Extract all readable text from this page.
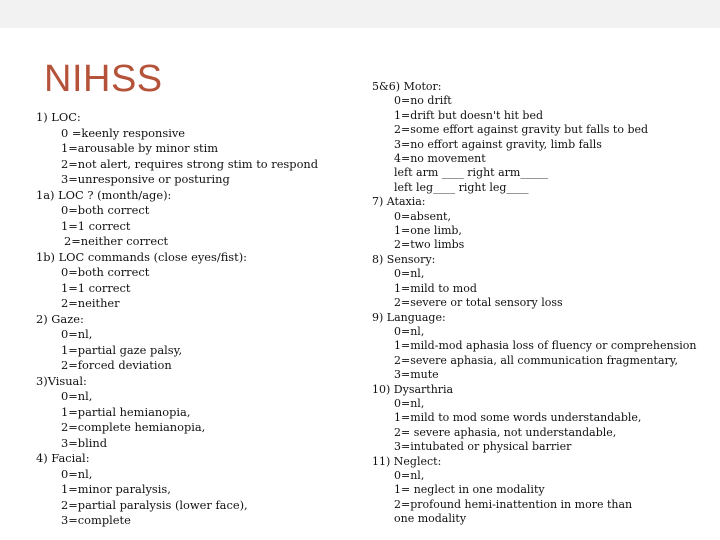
NIHSS
1) LOC:
0 =keenly responsive
1=arousable by minor stim
2=not alert, requires strong stim to respond
3=unresponsive or posturing
1a) LOC ? (month/age):
0=both correct
1=1 correct
2=neither correct
1b) LOC commands (close eyes/fist):
0=both correct
1=1 correct
2=neither
2) Gaze:
0=nl,
1=partial gaze palsy,
2=forced deviation
3)Visual:
0=nl,
1=partial hemianopia,
2=complete hemianopia,
3=blind
4) Facial:
0=nl,
1=minor paralysis,
2=partial paralysis (lower face),
3=complete
5&6) Motor:
0=no drift
1=drift but doesn't hit bed
2=some effort against gravity but falls to bed
3=no effort against gravity, limb falls
4=no movement
left arm ____ right arm_____
left leg____ right leg____
7) Ataxia:
0=absent,
1=one limb,
2=two limbs
8) Sensory:
0=nl,
1=mild to mod
2=severe or total sensory loss
9) Language:
0=nl,
1=mild-mod aphasia loss of fluency or comprehension
2=severe aphasia, all communication fragmentary,
3=mute
10) Dysarthria
0=nl,
1=mild to mod some words understandable,
2= severe aphasia, not understandable,
3=intubated or physical barrier
11) Neglect:
0=nl,
1= neglect in one modality
2=profound hemi-inattention in more than one modality
